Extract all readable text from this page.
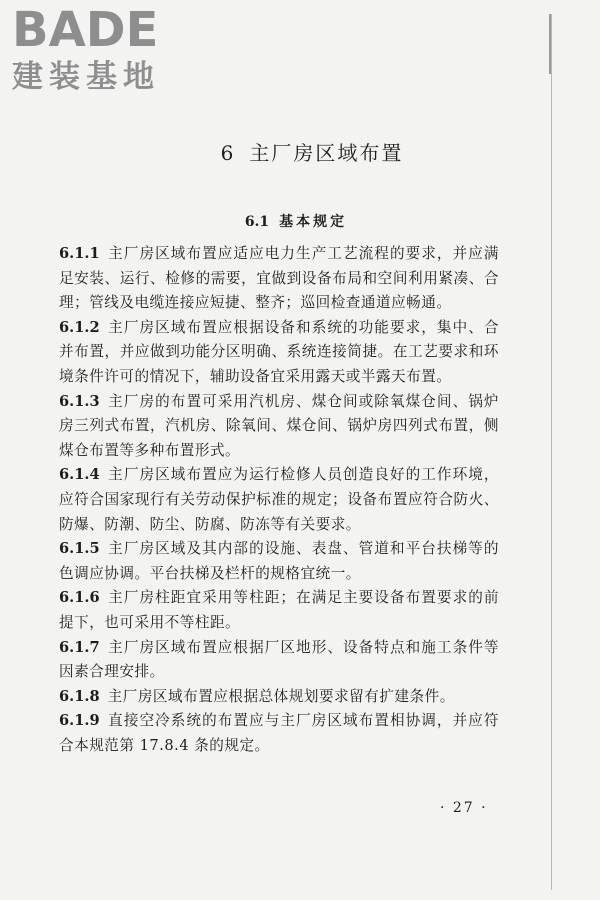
BADE
建装基地
6 主厂房区域布置
6.1 基本规定

6.1.1 主厂房区域布置应适应电力生产工艺流程的要求，并应满足安装、运行、检修的需要，宜做到设备布局和空间利用紧凑、合理；管线及电缆连接应短捷、整齐；巡回检查通道应畅通。

6.1.2 主厂房区域布置应根据设备和系统的功能要求，集中、合并布置，并应做到功能分区明确、系统连接简捷。在工艺要求和环境条件许可的情况下，辅助设备宜采用露天或半露天布置。

6.1.3 主厂房的布置可采用汽机房、煤仓间或除氧煤仓间、锅炉房三列式布置，汽机房、除氧间、煤仓间、锅炉房四列式布置，侧煤仓布置等多种布置形式。

6.1.4 主厂房区域布置应为运行检修人员创造良好的工作环境，应符合国家现行有关劳动保护标准的规定；设备布置应符合防火、防爆、防潮、防尘、防腐、防冻等有关要求。

6.1.5 主厂房区域及其内部的设施、表盘、管道和平台扶梯等的色调应协调。平台扶梯及栏杆的规格宜统一。

6.1.6 主厂房柱距宜采用等柱距；在满足主要设备布置要求的前提下，也可采用不等柱距。

6.1.7 主厂房区域布置应根据厂区地形、设备特点和施工条件等因素合理安排。

6.1.8 主厂房区域布置应根据总体规划要求留有扩建条件。

6.1.9 直接空冷系统的布置应与主厂房区域布置相协调，并应符合本规范第 17.8.4 条的规定。

· 27 ·
